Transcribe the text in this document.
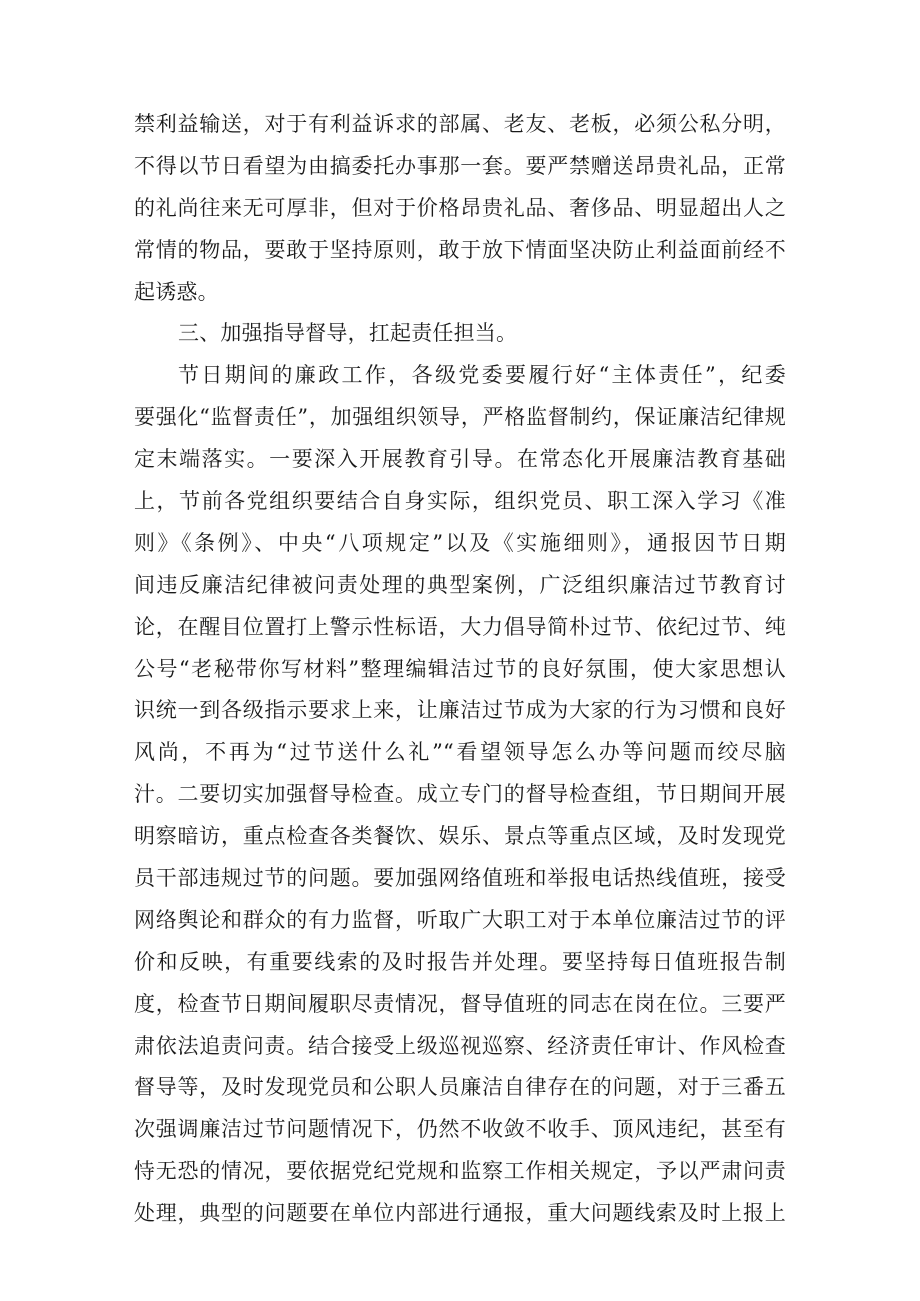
禁利益输送，对于有利益诉求的部属、老友、老板，必须公私分明，
不得以节日看望为由搞委托办事那一套。要严禁赠送昂贵礼品，正常
的礼尚往来无可厚非，但对于价格昂贵礼品、奢侈品、明显超出人之
常情的物品，要敢于坚持原则，敢于放下情面坚决防止利益面前经不
起诱惑。
三、加强指导督导，扛起责任担当。
节日期间的廉政工作，各级党委要履行好“主体责任”，纪委
要强化“监督责任”，加强组织领导，严格监督制约，保证廉洁纪律规
定末端落实。一要深入开展教育引导。在常态化开展廉洁教育基础
上，节前各党组织要结合自身实际，组织党员、职工深入学习《准
则》《条例》、中央“八项规定”以及《实施细则》，通报因节日期
间违反廉洁纪律被问责处理的典型案例，广泛组织廉洁过节教育讨
论，在醒目位置打上警示性标语，大力倡导简朴过节、依纪过节、纯
公号“老秘带你写材料”整理编辑洁过节的良好氛围，使大家思想认
识统一到各级指示要求上来，让廉洁过节成为大家的行为习惯和良好
风尚，不再为“过节送什么礼”“看望领导怎么办等问题而绞尽脑
汁。二要切实加强督导检查。成立专门的督导检查组，节日期间开展
明察暗访，重点检查各类餐饮、娱乐、景点等重点区域，及时发现党
员干部违规过节的问题。要加强网络值班和举报电话热线值班，接受
网络舆论和群众的有力监督，听取广大职工对于本单位廉洁过节的评
价和反映，有重要线索的及时报告并处理。要坚持每日值班报告制
度，检查节日期间履职尽责情况，督导值班的同志在岗在位。三要严
肃依法追责问责。结合接受上级巡视巡察、经济责任审计、作风检查
督导等，及时发现党员和公职人员廉洁自律存在的问题，对于三番五
次强调廉洁过节问题情况下，仍然不收敛不收手、顶风违纪，甚至有
恃无恐的情况，要依据党纪党规和监察工作相关规定，予以严肃问责
处理，典型的问题要在单位内部进行通报，重大问题线索及时上报上
